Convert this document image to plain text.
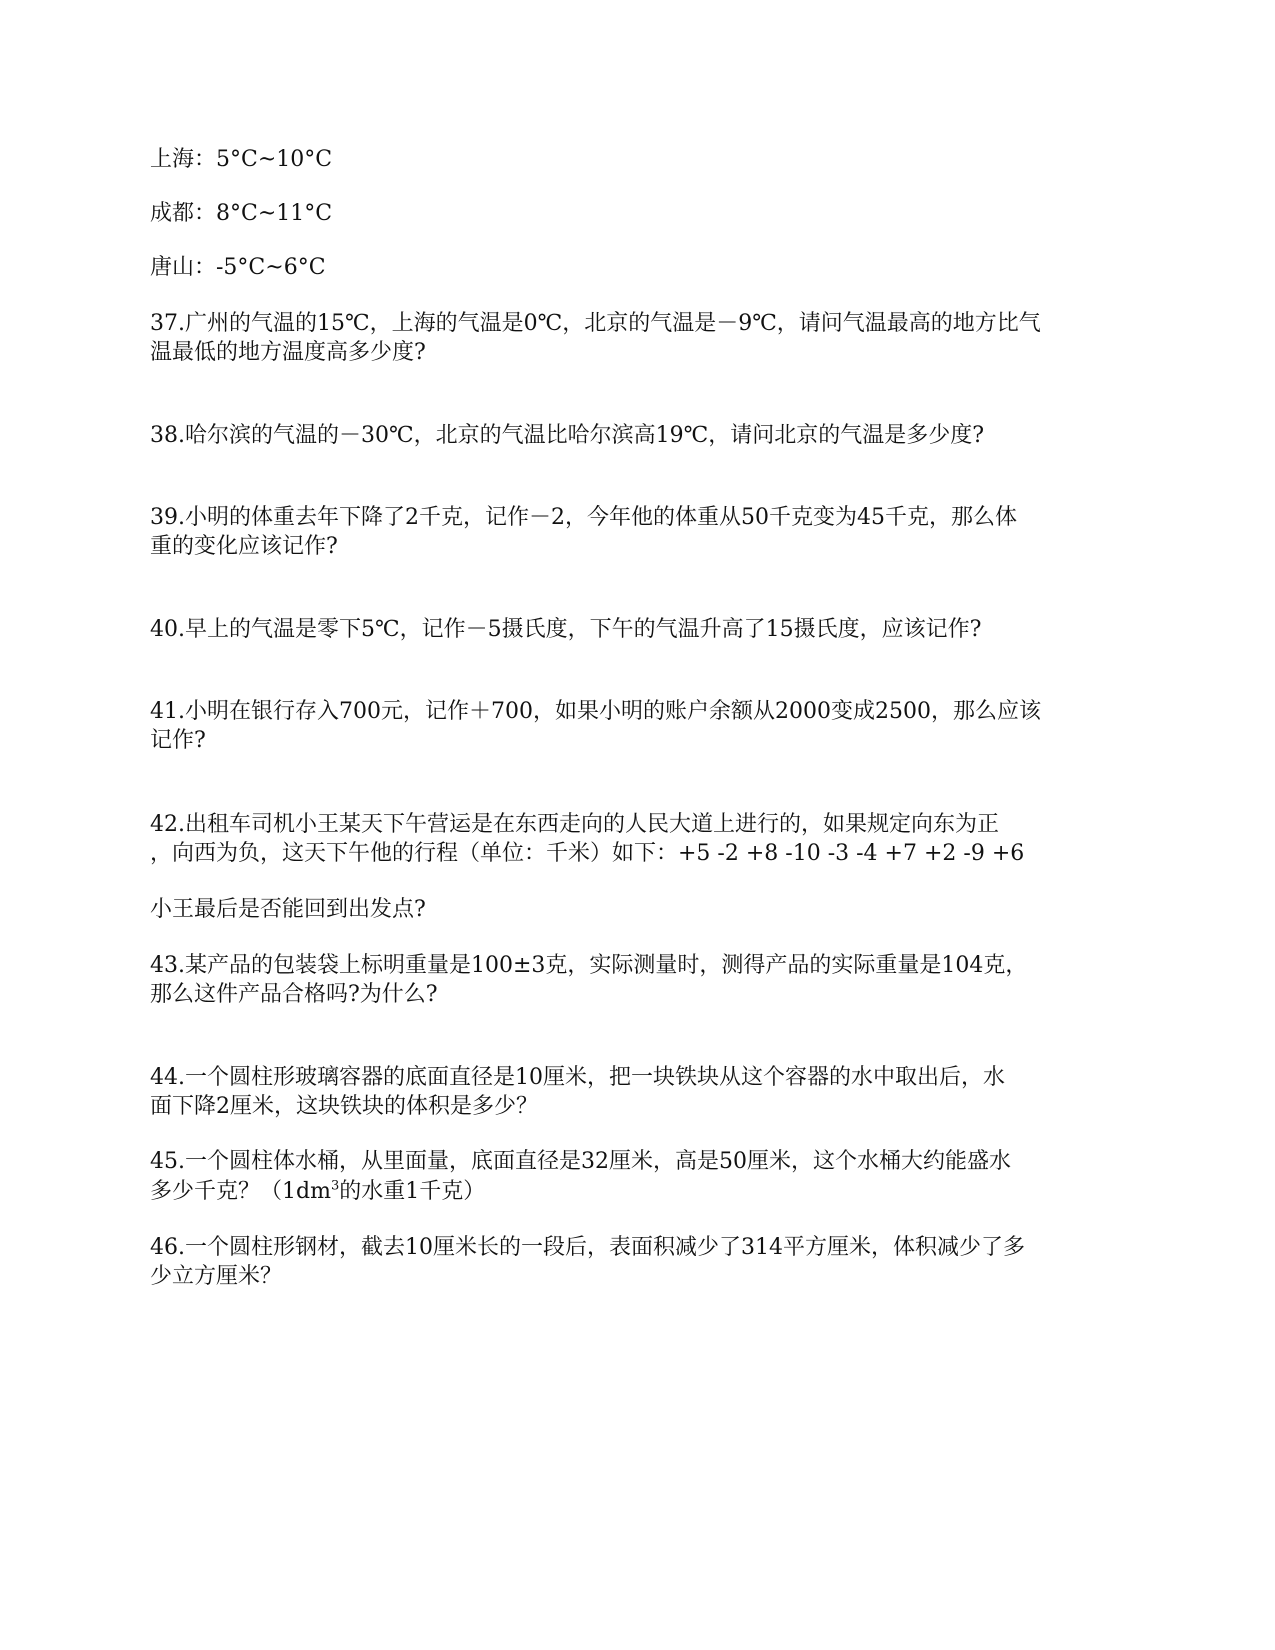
上海：5°C~10°C
成都：8°C~11°C
唐山：-5°C~6°C
37.广州的气温的15℃，上海的气温是0℃，北京的气温是－9℃，请问气温最高的地方比气
温最低的地方温度高多少度?
38.哈尔滨的气温的－30℃，北京的气温比哈尔滨高19℃，请问北京的气温是多少度?
39.小明的体重去年下降了2千克，记作－2，今年他的体重从50千克变为45千克，那么体
重的变化应该记作?
40.早上的气温是零下5℃，记作－5摄氏度，下午的气温升高了15摄氏度，应该记作?
41.小明在银行存入700元，记作＋700，如果小明的账户余额从2000变成2500，那么应该
记作?
42.出租车司机小王某天下午营运是在东西走向的人民大道上进行的，如果规定向东为正
，向西为负，这天下午他的行程（单位：千米）如下：+5 -2 +8 -10 -3 -4 +7 +2 -9 +6
小王最后是否能回到出发点?
43.某产品的包装袋上标明重量是100±3克，实际测量时，测得产品的实际重量是104克，
那么这件产品合格吗?为什么?
44.一个圆柱形玻璃容器的底面直径是10厘米，把一块铁块从这个容器的水中取出后，水
面下降2厘米，这块铁块的体积是多少？
45.一个圆柱体水桶，从里面量，底面直径是32厘米，高是50厘米，这个水桶大约能盛水
多少千克？（$1dm^3$的水重1千克）
46.一个圆柱形钢材，截去10厘米长的一段后，表面积减少了314平方厘米，体积减少了多
少立方厘米？
